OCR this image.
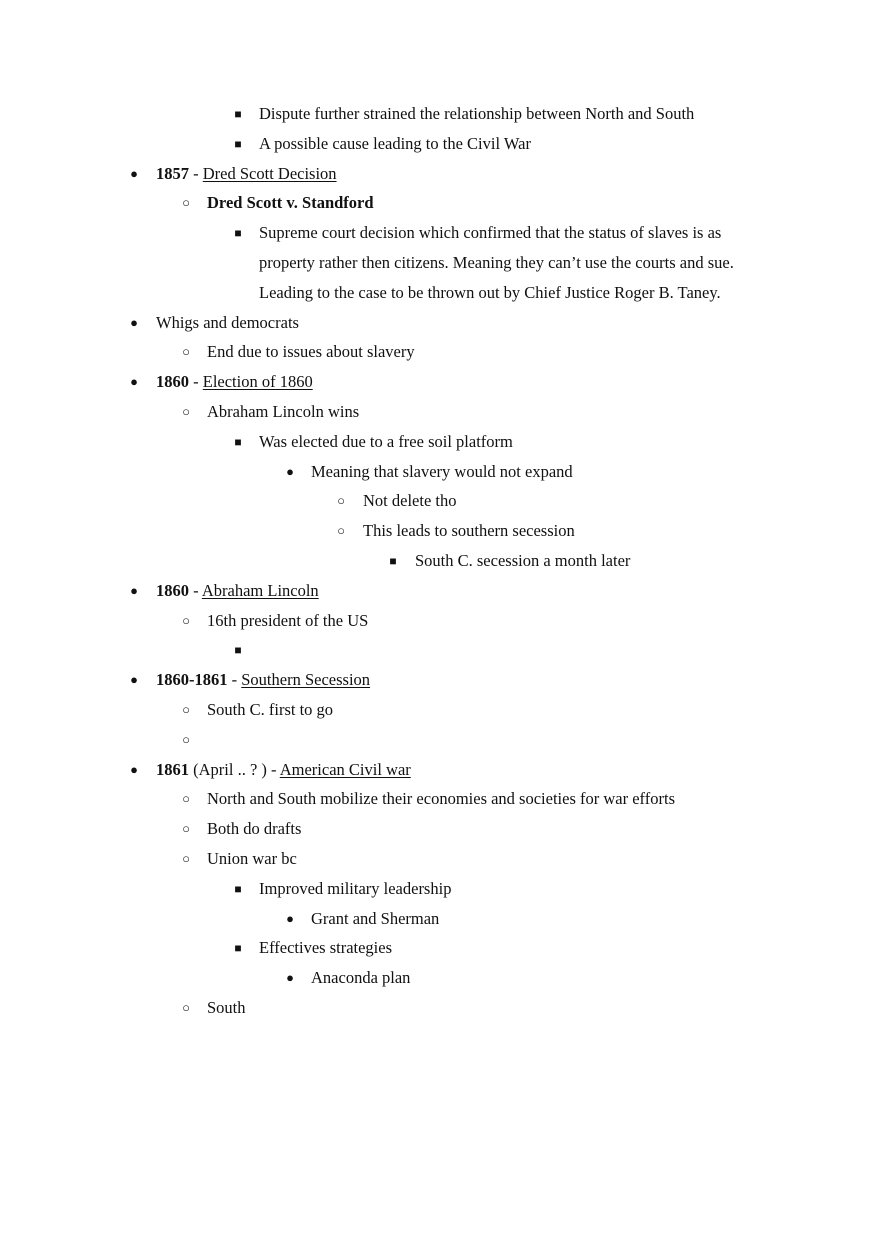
■ Dispute further strained the relationship between North and South
■ A possible cause leading to the Civil War
● 1857 - Dred Scott Decision
○ Dred Scott v. Standford
■ Supreme court decision which confirmed that the status of slaves is as
property rather then citizens. Meaning they can’t use the courts and sue.
Leading to the case to be thrown out by Chief Justice Roger B. Taney.
● Whigs and democrats
○ End due to issues about slavery
● 1860 - Election of 1860
○ Abraham Lincoln wins
■ Was elected due to a free soil platform
● Meaning that slavery would not expand
○ Not delete tho
○ This leads to southern secession
■ South C. secession a month later
● 1860 - Abraham Lincoln
○ 16th president of the US
■
● 1860-1861 - Southern Secession
○ South C. first to go
○
● 1861 (April .. ? ) - American Civil war
○ North and South mobilize their economies and societies for war efforts
○ Both do drafts
○ Union war bc
■ Improved military leadership
● Grant and Sherman
■ Effectives strategies
● Anaconda plan
○ South
